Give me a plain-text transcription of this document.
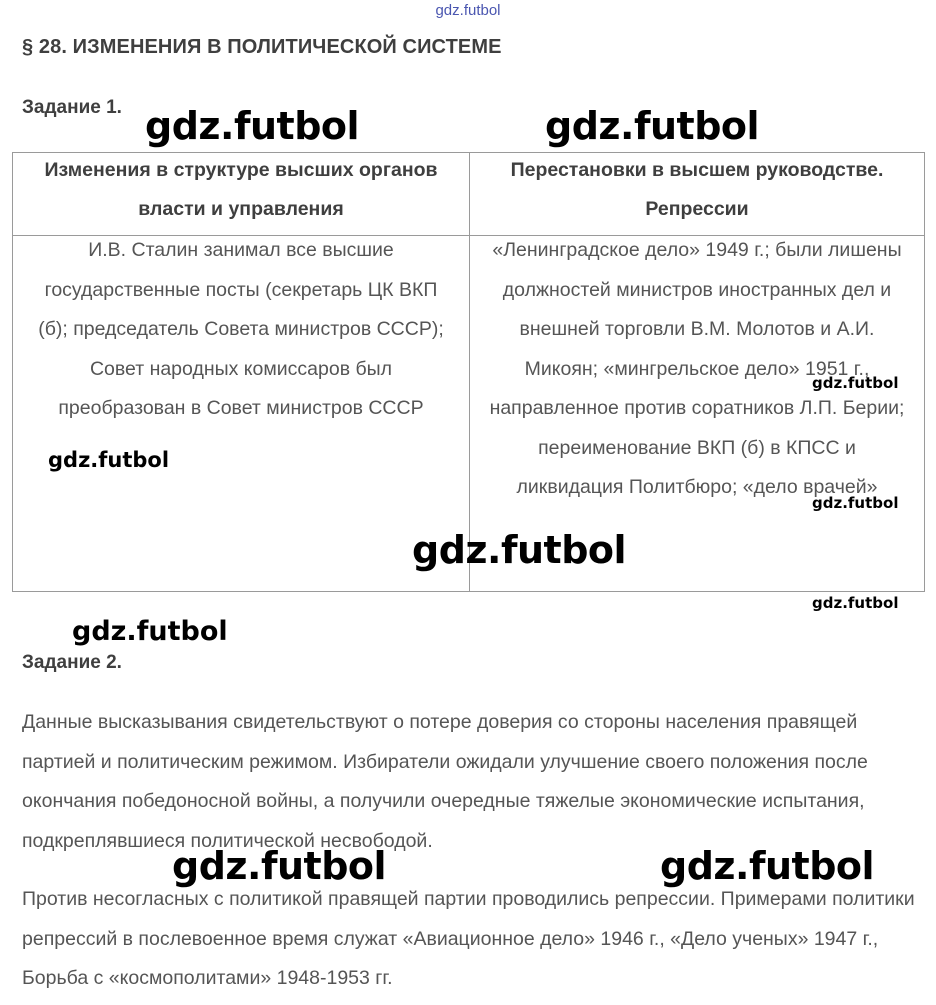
gdz.futbol
§ 28. ИЗМЕНЕНИЯ В ПОЛИТИЧЕСКОЙ СИСТЕМЕ
Задание 1.
Изменения в структуре высших органов власти и управления	Перестановки в высшем руководстве. Репрессии

И.В. Сталин занимал все высшие государственные посты (секретарь ЦК ВКП (б); председатель Совета министров СССР); Совет народных комиссаров был преобразован в Совет министров СССР	«Ленинградское дело» 1949 г.; были лишены должностей министров иностранных дел и внешней торговли В.М. Молотов и А.И. Микоян; «мингрельское дело» 1951 г., направленное против соратников Л.П. Берии; переименование ВКП (б) в КПСС и ликвидация Политбюро; «дело врачей»
Задание 2.
Данные высказывания свидетельствуют о потере доверия со стороны населения правящей партией и политическим режимом. Избиратели ожидали улучшение своего положения после окончания победоносной войны, а получили очередные тяжелые экономические испытания, подкреплявшиеся политической несвободой.
Против несогласных с политикой правящей партии проводились репрессии. Примерами политики репрессий в послевоенное время служат «Авиационное дело» 1946 г., «Дело ученых» 1947 г., Борьба с «космополитами» 1948-1953 гг.
gdz.futbol	gdz.futbol
gdz.futbol
gdz.futbol
gdz.futbol
gdz.futbol
gdz.futbol
gdz.futbol
gdz.futbol	gdz.futbol
